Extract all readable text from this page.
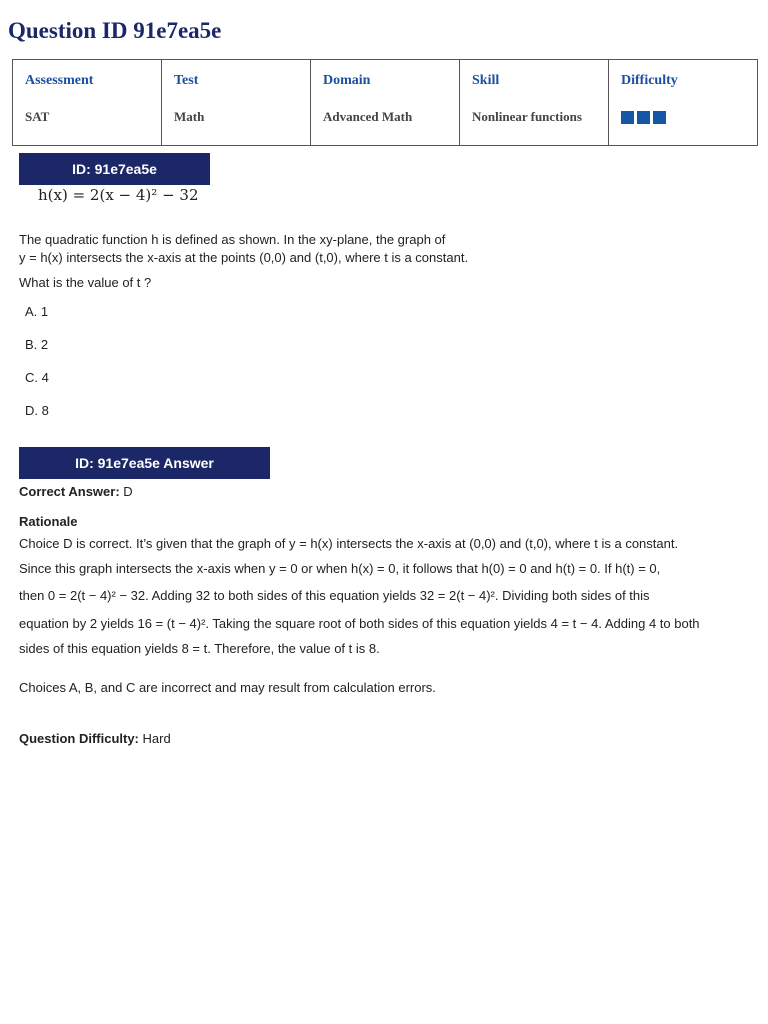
Question ID 91e7ea5e
Assessment
SAT

Test
Math

Domain
Advanced Math

Skill
Nonlinear functions

Difficulty
ID: 91e7ea5e
h(x) = 2(x − 4)² − 32

The quadratic function h is defined as shown. In the xy-plane, the graph of

y = h(x) intersects the x-axis at the points (0,0) and (t,0), where t is a constant.

What is the value of t ?

A. 1
B. 2
C. 4
D. 8
ID: 91e7ea5e Answer

Correct Answer: D

Rationale

Choice D is correct. It’s given that the graph of y = h(x) intersects the x-axis at (0,0) and (t,0), where t is a constant.

Since this graph intersects the x-axis when y = 0 or when h(x) = 0, it follows that h(0) = 0 and h(t) = 0. If h(t) = 0,

then 0 = 2(t − 4)² − 32. Adding 32 to both sides of this equation yields 32 = 2(t − 4)². Dividing both sides of this

equation by 2 yields 16 = (t − 4)². Taking the square root of both sides of this equation yields 4 = t − 4. Adding 4 to both

sides of this equation yields 8 = t. Therefore, the value of t is 8.

Choices A, B, and C are incorrect and may result from calculation errors.

Question Difficulty: Hard
